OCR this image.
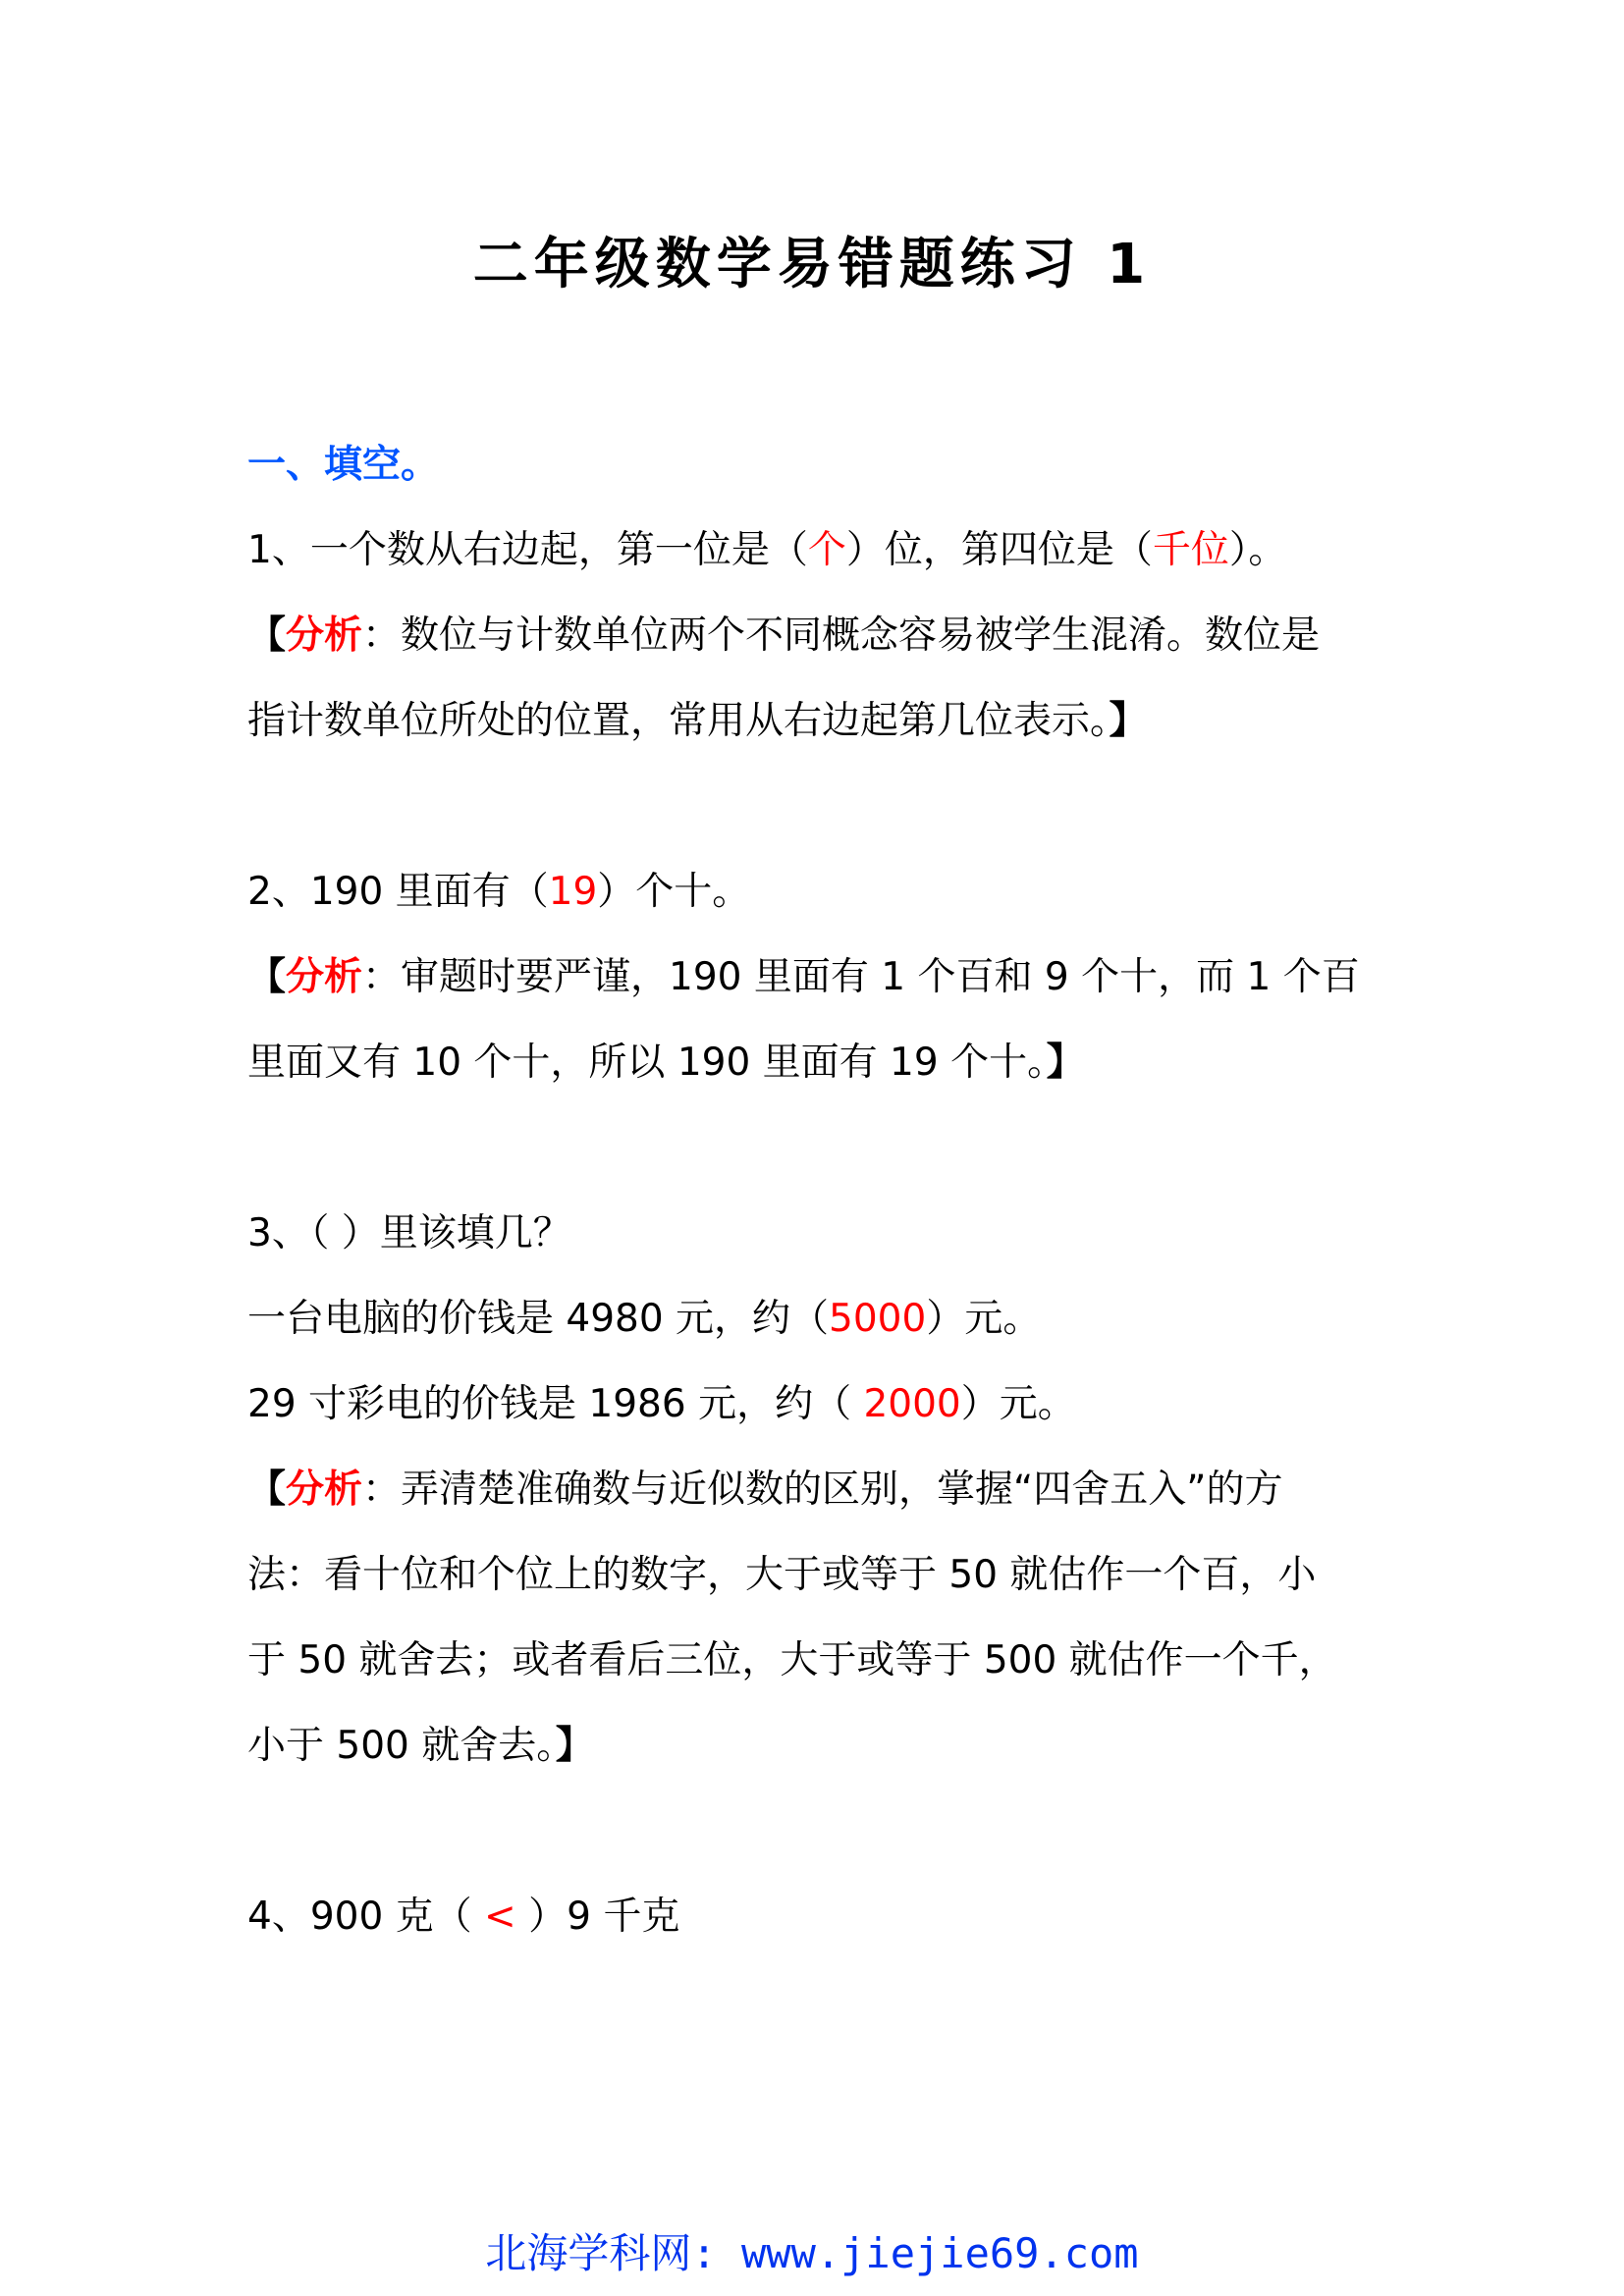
二年级数学易错题练习 1
一、填空。
1、一个数从右边起，第一位是（个）位，第四位是（千位）。
【分析：数位与计数单位两个不同概念容易被学生混淆。数位是
指计数单位所处的位置，常用从右边起第几位表示。】
2、190 里面有（19）个十。
【分析：审题时要严谨，190 里面有 1 个百和 9 个十，而 1 个百
里面又有 10 个十，所以 190 里面有 19 个十。】
3、（ ）里该填几？
一台电脑的价钱是 4980 元，约（5000）元。
29 寸彩电的价钱是 1986 元，约（ 2000）元。
【分析：弄清楚准确数与近似数的区别，掌握“四舍五入”的方
法：看十位和个位上的数字，大于或等于 50 就估作一个百，小
于 50 就舍去；或者看后三位，大于或等于 500 就估作一个千，
小于 500 就舍去。】
4、900 克（ < ）9 千克
北海学科网: www.jiejie69.com
